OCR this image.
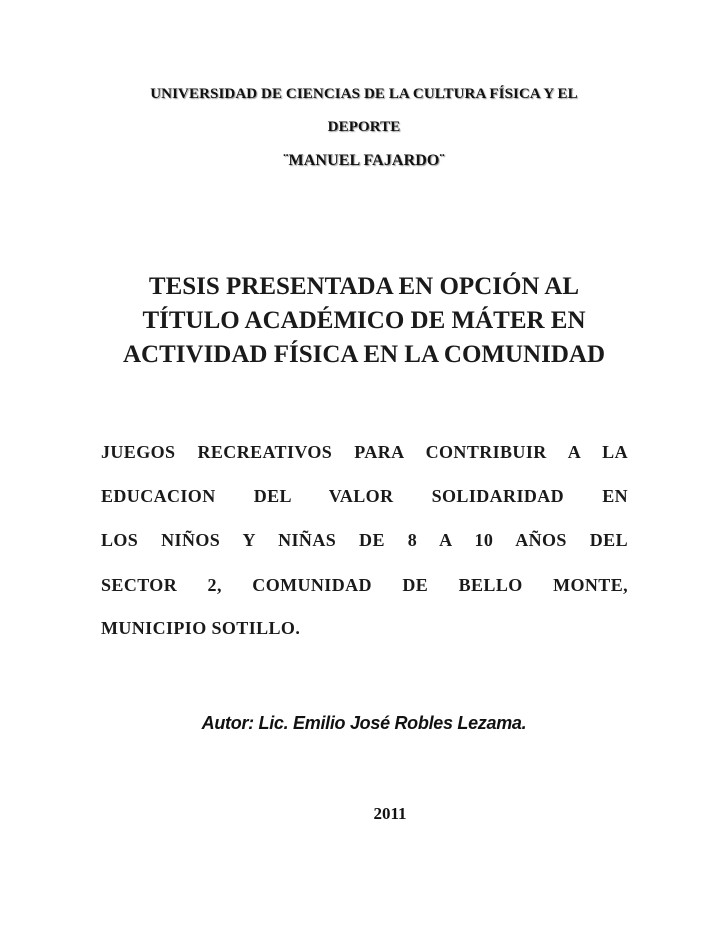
UNIVERSIDAD DE CIENCIAS DE LA CULTURA FÍSICA Y EL
DEPORTE
¨MANUEL FAJARDO¨
TESIS PRESENTADA EN OPCIÓN AL
TÍTULO ACADÉMICO DE MÁTER EN
ACTIVIDAD FÍSICA EN LA COMUNIDAD
JUEGOS RECREATIVOS PARA CONTRIBUIR A LA
EDUCACION DEL VALOR SOLIDARIDAD EN
LOS NIÑOS Y NIÑAS DE 8 A 10 AÑOS DEL
SECTOR 2, COMUNIDAD DE BELLO MONTE,
MUNICIPIO SOTILLO.
Autor: Lic. Emilio José Robles Lezama.
2011
